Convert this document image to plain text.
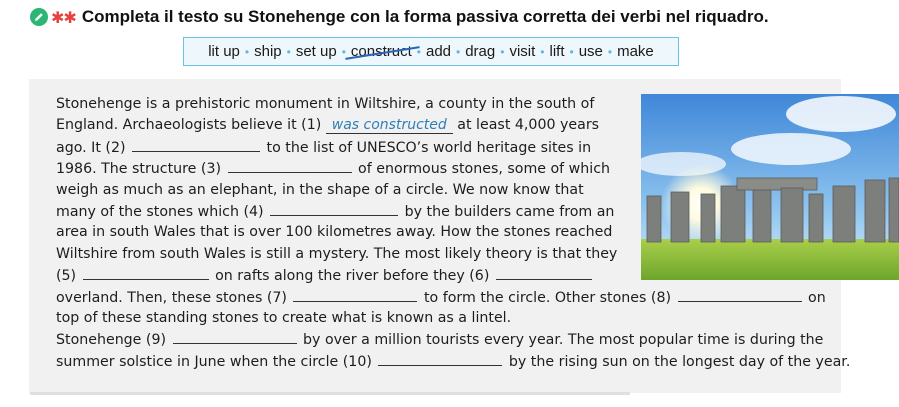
✱✱ Completa il testo su Stonehenge con la forma passiva corretta dei verbi nel riquadro.
lit up • ship • set up • construct • add • drag • visit • lift • use • make
Stonehenge is a prehistoric monument in Wiltshire, a county in the south of
England. Archaeologists believe it (1) was constructed at least 4,000 years
ago. It (2)	to the list of UNESCO’s world heritage sites in
1986. The structure (3)	of enormous stones, some of which
weigh as much as an elephant, in the shape of a circle. We now know that
many of the stones which (4)	by the builders came from an
area in south Wales that is over 100 kilometres away. How the stones reached
Wiltshire from south Wales is still a mystery. The most likely theory is that they
(5)	on rafts along the river before they (6)
overland. Then, these stones (7)	to form the circle. Other stones (8)	on
top of these standing stones to create what is known as a lintel.
Stonehenge (9)	by over a million tourists every year. The most popular time is during the
summer solstice in June when the circle (10)	by the rising sun on the longest day of the year.
